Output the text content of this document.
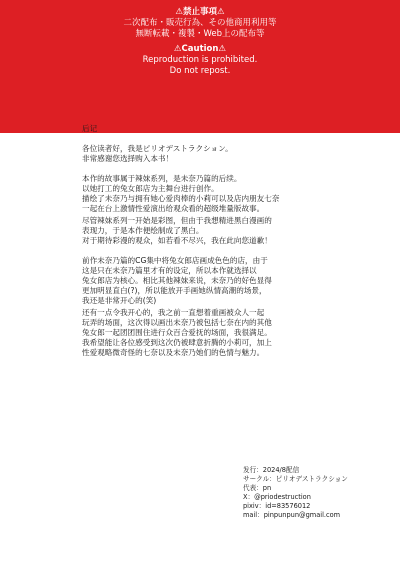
⚠禁止事項⚠
二次配布・販売行為、その他商用利用等
無断転載・複製・Web上の配布等
⚠Caution⚠
Reproduction is prohibited.
Do not repost.
后记
各位读者好，我是ピリオデストラクション。
非常感谢您选择购入本书！
本作的故事属于辣妹系列，是未奈乃篇的后续。
以她打工的兔女郎店为主舞台进行创作。
描绘了未奈乃与拥有她心爱肉棒的小莉可以及店内朋友七奈
一起在台上激情性爱演出给观众看的超级堆量版故事。
尽管辣妹系列一开始是彩图，但由于我想精进黑白漫画的
表现力，于是本作便绘制成了黑白。
对于期待彩漫的观众，如若看不尽兴，我在此向您道歉！
前作未奈乃篇的CG集中将兔女郎店画成色色的店，由于
这是只在未奈乃篇里才有的设定，所以本作就选择以
兔女郎店为核心。相比其他辣妹来说，未奈乃的好色显得
更加明显直白(?)，所以能放开手画她纵情高潮的场景，
我还是非常开心的(笑)
还有一点令我开心的，我之前一直想着重画被众人一起
玩弄的场面，这次得以画出未奈乃被包括七奈在内的其他
兔女郎一起团团围住进行众百合爱抚的场面，我很满足。
我希望能让各位感受到这次仍被肆意折腾的小莉可，加上
性爱观略微奇怪的七奈以及未奈乃她们的色情与魅力。
发行：2024/8配信
サークル：ピリオデストラクション
代表：pn
X：@priodestruction
pixiv：id=83576012
mail：pinpunpun@gmail.com
